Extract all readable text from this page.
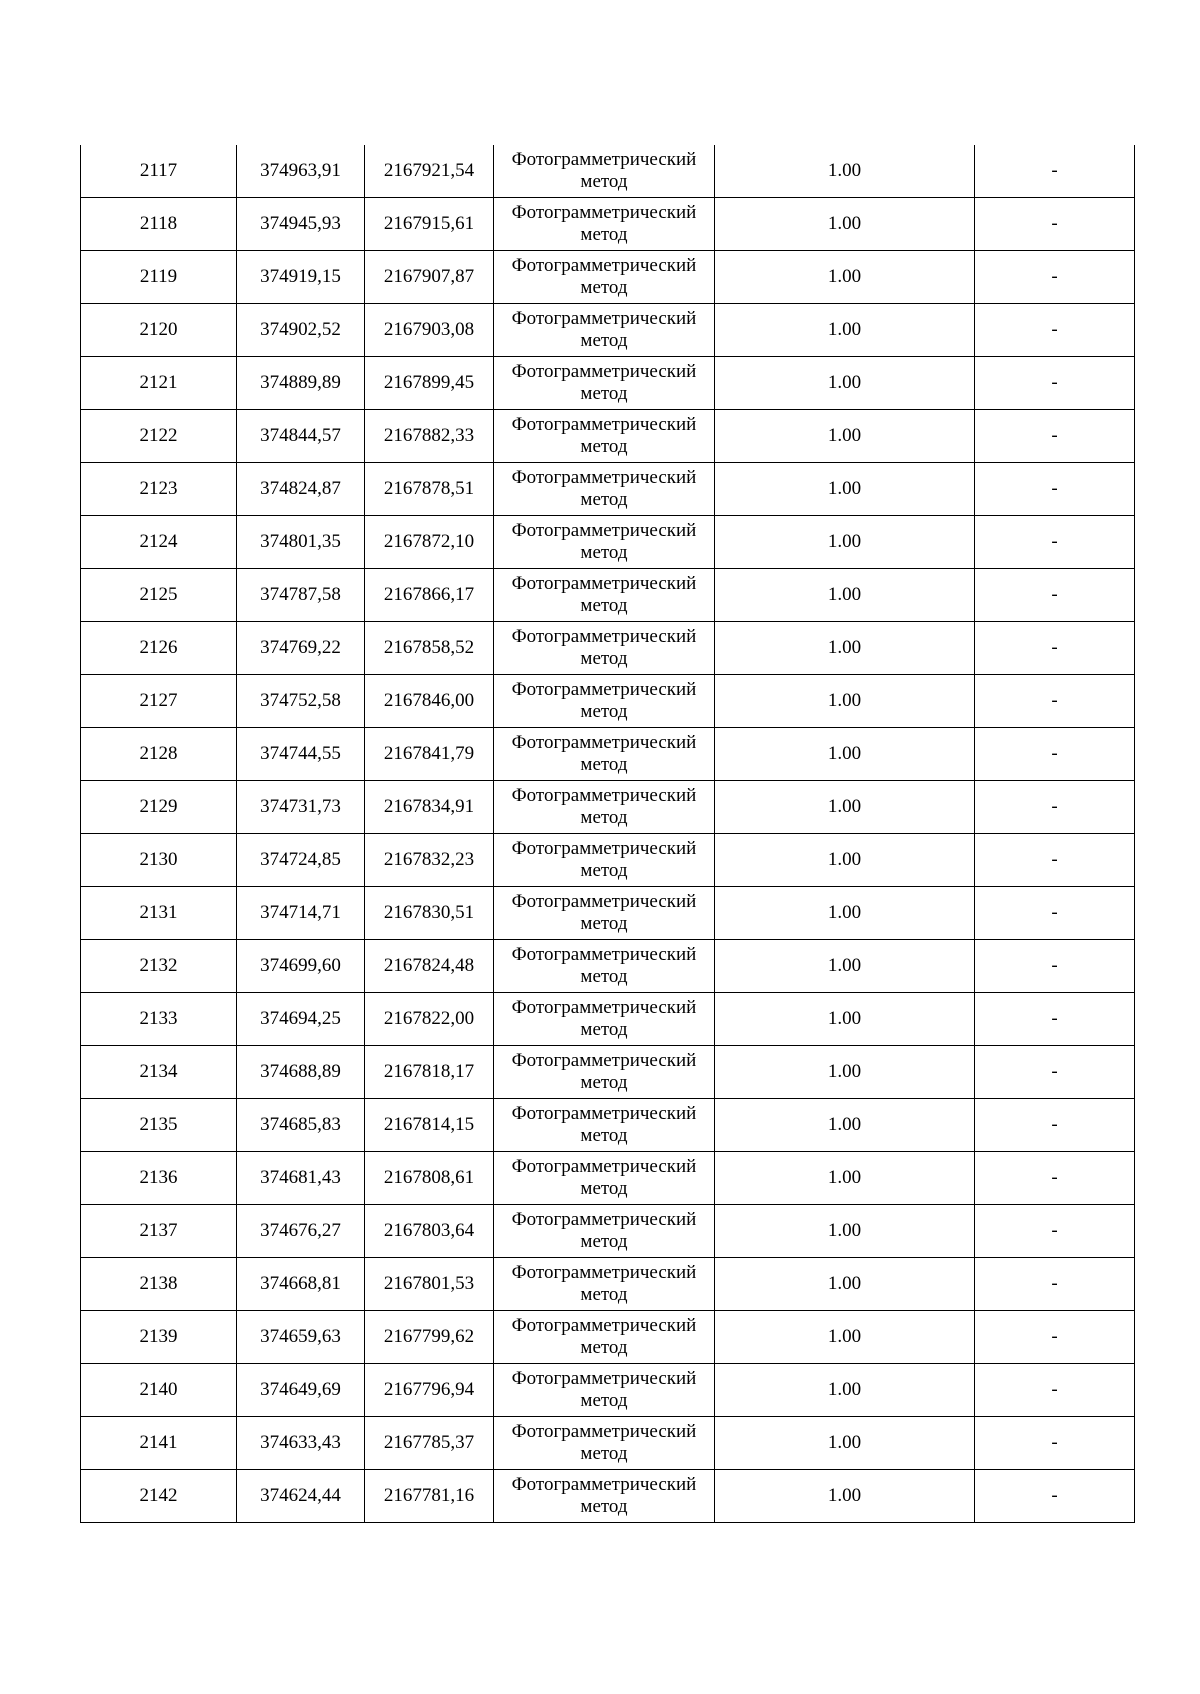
2117	374963,91	2167921,54	Фотограмметрический метод	1.00	-
2118	374945,93	2167915,61	Фотограмметрический метод	1.00	-
2119	374919,15	2167907,87	Фотограмметрический метод	1.00	-
2120	374902,52	2167903,08	Фотограмметрический метод	1.00	-
2121	374889,89	2167899,45	Фотограмметрический метод	1.00	-
2122	374844,57	2167882,33	Фотограмметрический метод	1.00	-
2123	374824,87	2167878,51	Фотограмметрический метод	1.00	-
2124	374801,35	2167872,10	Фотограмметрический метод	1.00	-
2125	374787,58	2167866,17	Фотограмметрический метод	1.00	-
2126	374769,22	2167858,52	Фотограмметрический метод	1.00	-
2127	374752,58	2167846,00	Фотограмметрический метод	1.00	-
2128	374744,55	2167841,79	Фотограмметрический метод	1.00	-
2129	374731,73	2167834,91	Фотограмметрический метод	1.00	-
2130	374724,85	2167832,23	Фотограмметрический метод	1.00	-
2131	374714,71	2167830,51	Фотограмметрический метод	1.00	-
2132	374699,60	2167824,48	Фотограмметрический метод	1.00	-
2133	374694,25	2167822,00	Фотограмметрический метод	1.00	-
2134	374688,89	2167818,17	Фотограмметрический метод	1.00	-
2135	374685,83	2167814,15	Фотограмметрический метод	1.00	-
2136	374681,43	2167808,61	Фотограмметрический метод	1.00	-
2137	374676,27	2167803,64	Фотограмметрический метод	1.00	-
2138	374668,81	2167801,53	Фотограмметрический метод	1.00	-
2139	374659,63	2167799,62	Фотограмметрический метод	1.00	-
2140	374649,69	2167796,94	Фотограмметрический метод	1.00	-
2141	374633,43	2167785,37	Фотограмметрический метод	1.00	-
2142	374624,44	2167781,16	Фотограмметрический метод	1.00	-
